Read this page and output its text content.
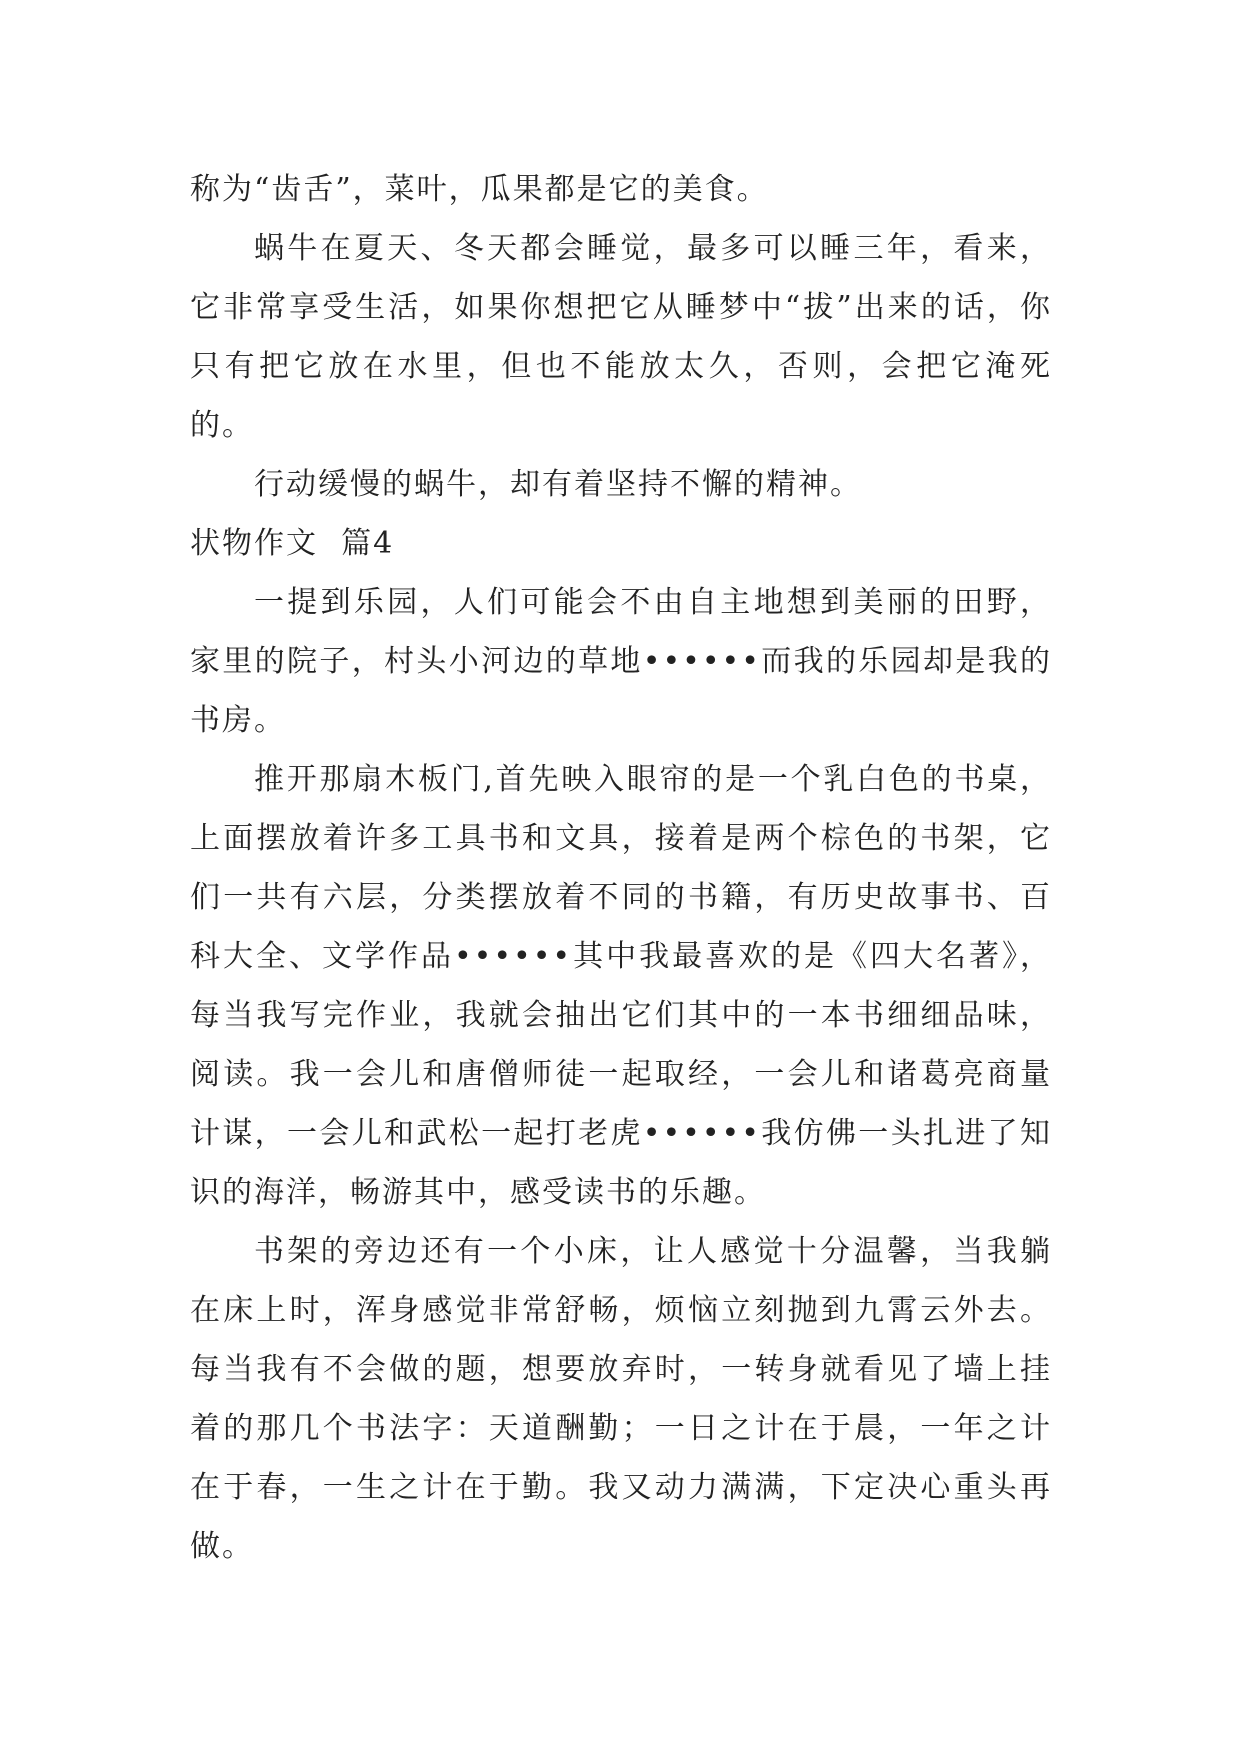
称为“齿舌”，菜叶，瓜果都是它的美食。

蜗牛在夏天、冬天都会睡觉，最多可以睡三年，看来，它非常享受生活，如果你想把它从睡梦中“拔”出来的话，你只有把它放在水里，但也不能放太久，否则，会把它淹死的。

行动缓慢的蜗牛，却有着坚持不懈的精神。

状物作文  篇4

一提到乐园，人们可能会不由自主地想到美丽的田野，家里的院子，村头小河边的草地••••••而我的乐园却是我的书房。

推开那扇木板门,首先映入眼帘的是一个乳白色的书桌，上面摆放着许多工具书和文具，接着是两个棕色的书架，它们一共有六层，分类摆放着不同的书籍，有历史故事书、百科大全、文学作品••••••其中我最喜欢的是《四大名著》，每当我写完作业，我就会抽出它们其中的一本书细细品味，阅读。我一会儿和唐僧师徒一起取经，一会儿和诸葛亮商量计谋，一会儿和武松一起打老虎••••••我仿佛一头扎进了知识的海洋，畅游其中，感受读书的乐趣。

书架的旁边还有一个小床，让人感觉十分温馨，当我躺在床上时，浑身感觉非常舒畅，烦恼立刻抛到九霄云外去。每当我有不会做的题，想要放弃时，一转身就看见了墙上挂着的那几个书法字：天道酬勤；一日之计在于晨，一年之计在于春，一生之计在于勤。我又动力满满，下定决心重头再做。
